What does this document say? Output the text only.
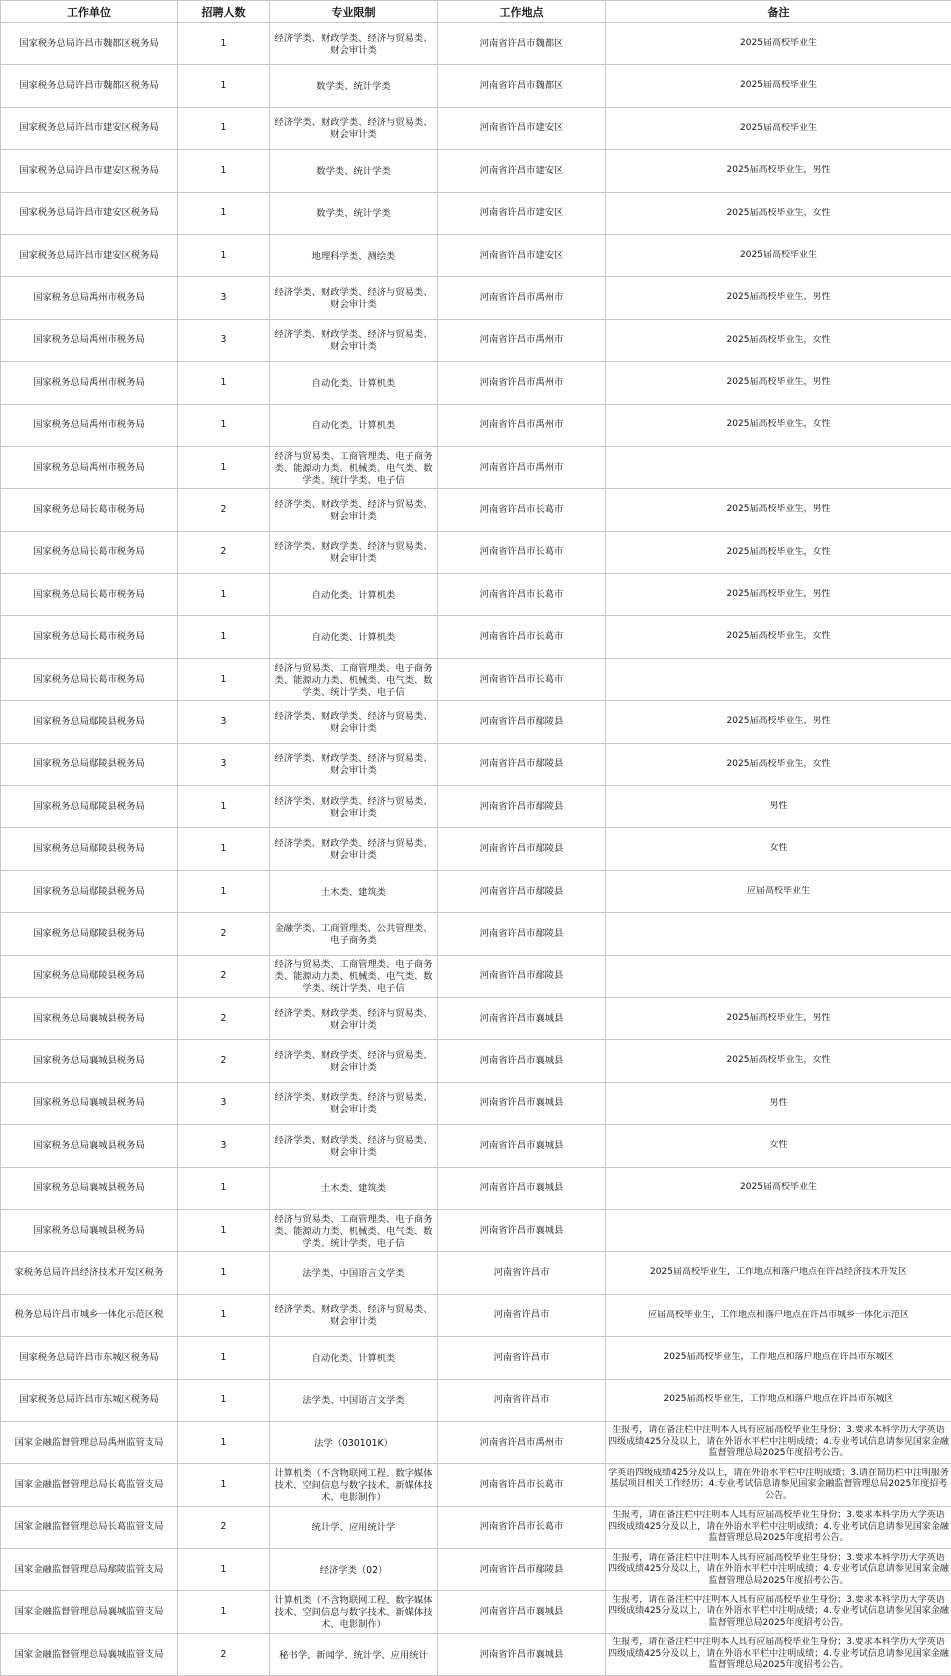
工作单位	招聘人数	专业限制	工作地点	备注

国家税务总局许昌市魏都区税务局	1	经济学类、财政学类、经济与贸易类、财会审计类	河南省许昌市魏都区	2025届高校毕业生

国家税务总局许昌市魏都区税务局	1	数学类、统计学类	河南省许昌市魏都区	2025届高校毕业生

国家税务总局许昌市建安区税务局	1	经济学类、财政学类、经济与贸易类、财会审计类	河南省许昌市建安区	2025届高校毕业生

国家税务总局许昌市建安区税务局	1	数学类、统计学类	河南省许昌市建安区	2025届高校毕业生，男性

国家税务总局许昌市建安区税务局	1	数学类、统计学类	河南省许昌市建安区	2025届高校毕业生，女性

国家税务总局许昌市建安区税务局	1	地理科学类、测绘类	河南省许昌市建安区	2025届高校毕业生

国家税务总局禹州市税务局	3	经济学类、财政学类、经济与贸易类、财会审计类	河南省许昌市禹州市	2025届高校毕业生，男性

国家税务总局禹州市税务局	3	经济学类、财政学类、经济与贸易类、财会审计类	河南省许昌市禹州市	2025届高校毕业生，女性

国家税务总局禹州市税务局	1	自动化类、计算机类	河南省许昌市禹州市	2025届高校毕业生，男性

国家税务总局禹州市税务局	1	自动化类、计算机类	河南省许昌市禹州市	2025届高校毕业生，女性

国家税务总局禹州市税务局	1	经济与贸易类、工商管理类、电子商务类、能源动力类、机械类、电气类、数学类、统计学类、电子信	河南省许昌市禹州市	

国家税务总局长葛市税务局	2	经济学类、财政学类、经济与贸易类、财会审计类	河南省许昌市长葛市	2025届高校毕业生，男性

国家税务总局长葛市税务局	2	经济学类、财政学类、经济与贸易类、财会审计类	河南省许昌市长葛市	2025届高校毕业生，女性

国家税务总局长葛市税务局	1	自动化类、计算机类	河南省许昌市长葛市	2025届高校毕业生，男性

国家税务总局长葛市税务局	1	自动化类、计算机类	河南省许昌市长葛市	2025届高校毕业生，女性

国家税务总局长葛市税务局	1	经济与贸易类、工商管理类、电子商务类、能源动力类、机械类、电气类、数学类、统计学类、电子信	河南省许昌市长葛市	

国家税务总局鄢陵县税务局	3	经济学类、财政学类、经济与贸易类、财会审计类	河南省许昌市鄢陵县	2025届高校毕业生，男性

国家税务总局鄢陵县税务局	3	经济学类、财政学类、经济与贸易类、财会审计类	河南省许昌市鄢陵县	2025届高校毕业生，女性

国家税务总局鄢陵县税务局	1	经济学类、财政学类、经济与贸易类、财会审计类	河南省许昌市鄢陵县	男性

国家税务总局鄢陵县税务局	1	经济学类、财政学类、经济与贸易类、财会审计类	河南省许昌市鄢陵县	女性

国家税务总局鄢陵县税务局	1	土木类、建筑类	河南省许昌市鄢陵县	应届高校毕业生

国家税务总局鄢陵县税务局	2	金融学类、工商管理类、公共管理类、电子商务类	河南省许昌市鄢陵县	

国家税务总局鄢陵县税务局	2	经济与贸易类、工商管理类、电子商务类、能源动力类、机械类、电气类、数学类、统计学类、电子信	河南省许昌市鄢陵县	

国家税务总局襄城县税务局	2	经济学类、财政学类、经济与贸易类、财会审计类	河南省许昌市襄城县	2025届高校毕业生，男性

国家税务总局襄城县税务局	2	经济学类、财政学类、经济与贸易类、财会审计类	河南省许昌市襄城县	2025届高校毕业生，女性

国家税务总局襄城县税务局	3	经济学类、财政学类、经济与贸易类、财会审计类	河南省许昌市襄城县	男性

国家税务总局襄城县税务局	3	经济学类、财政学类、经济与贸易类、财会审计类	河南省许昌市襄城县	女性

国家税务总局襄城县税务局	1	土木类、建筑类	河南省许昌市襄城县	2025届高校毕业生

国家税务总局襄城县税务局	1	经济与贸易类、工商管理类、电子商务类、能源动力类、机械类、电气类、数学类、统计学类、电子信	河南省许昌市襄城县	

家税务总局许昌经济技术开发区税务	1	法学类、中国语言文学类	河南省许昌市	2025届高校毕业生，工作地点和落户地点在许昌经济技术开发区

税务总局许昌市城乡一体化示范区税	1	经济学类、财政学类、经济与贸易类、财会审计类	河南省许昌市	应届高校毕业生，工作地点和落户地点在许昌市城乡一体化示范区

国家税务总局许昌市东城区税务局	1	自动化类、计算机类	河南省许昌市	2025届高校毕业生，工作地点和落户地点在许昌市东城区

国家税务总局许昌市东城区税务局	1	法学类、中国语言文学类	河南省许昌市	2025届高校毕业生，工作地点和落户地点在许昌市东城区

国家金融监督管理总局禹州监管支局	1	法学（030101K）	河南省许昌市禹州市	生报考，请在备注栏中注明本人具有应届高校毕业生身份；3.要求本科学历大学英语四级成绩425分及以上，请在外语水平栏中注明成绩；4.专业考试信息请参见国家金融监督管理总局2025年度招考公告。

国家金融监督管理总局长葛监管支局	1	计算机类（不含物联网工程、数字媒体技术、空间信息与数字技术、新媒体技术、电影制作）	河南省许昌市长葛市	学英语四级成绩425分及以上，请在外语水平栏中注明成绩；3.请在简历栏中注明服务基层项目相关工作经历；4.专业考试信息请参见国家金融监督管理总局2025年度招考公告。

国家金融监督管理总局长葛监管支局	2	统计学、应用统计学	河南省许昌市长葛市	生报考，请在备注栏中注明本人具有应届高校毕业生身份；3.要求本科学历大学英语四级成绩425分及以上，请在外语水平栏中注明成绩；4.专业考试信息请参见国家金融监督管理总局2025年度招考公告。

国家金融监督管理总局鄢陵监管支局	1	经济学类（02）	河南省许昌市鄢陵县	生报考，请在备注栏中注明本人具有应届高校毕业生身份；3.要求本科学历大学英语四级成绩425分及以上，请在外语水平栏中注明成绩；4.专业考试信息请参见国家金融监督管理总局2025年度招考公告。

国家金融监督管理总局襄城监管支局	1	计算机类（不含物联网工程、数字媒体技术、空间信息与数字技术、新媒体技术、电影制作）	河南省许昌市襄城县	生报考，请在备注栏中注明本人具有应届高校毕业生身份；3.要求本科学历大学英语四级成绩425分及以上，请在外语水平栏中注明成绩；4.专业考试信息请参见国家金融监督管理总局2025年度招考公告。

国家金融监督管理总局襄城监管支局	2	秘书学、新闻学、统计学、应用统计	河南省许昌市襄城县	生报考，请在备注栏中注明本人具有应届高校毕业生身份；3.要求本科学历大学英语四级成绩425分及以上，请在外语水平栏中注明成绩；4.专业考试信息请参见国家金融监督管理总局2025年度招考公告。
